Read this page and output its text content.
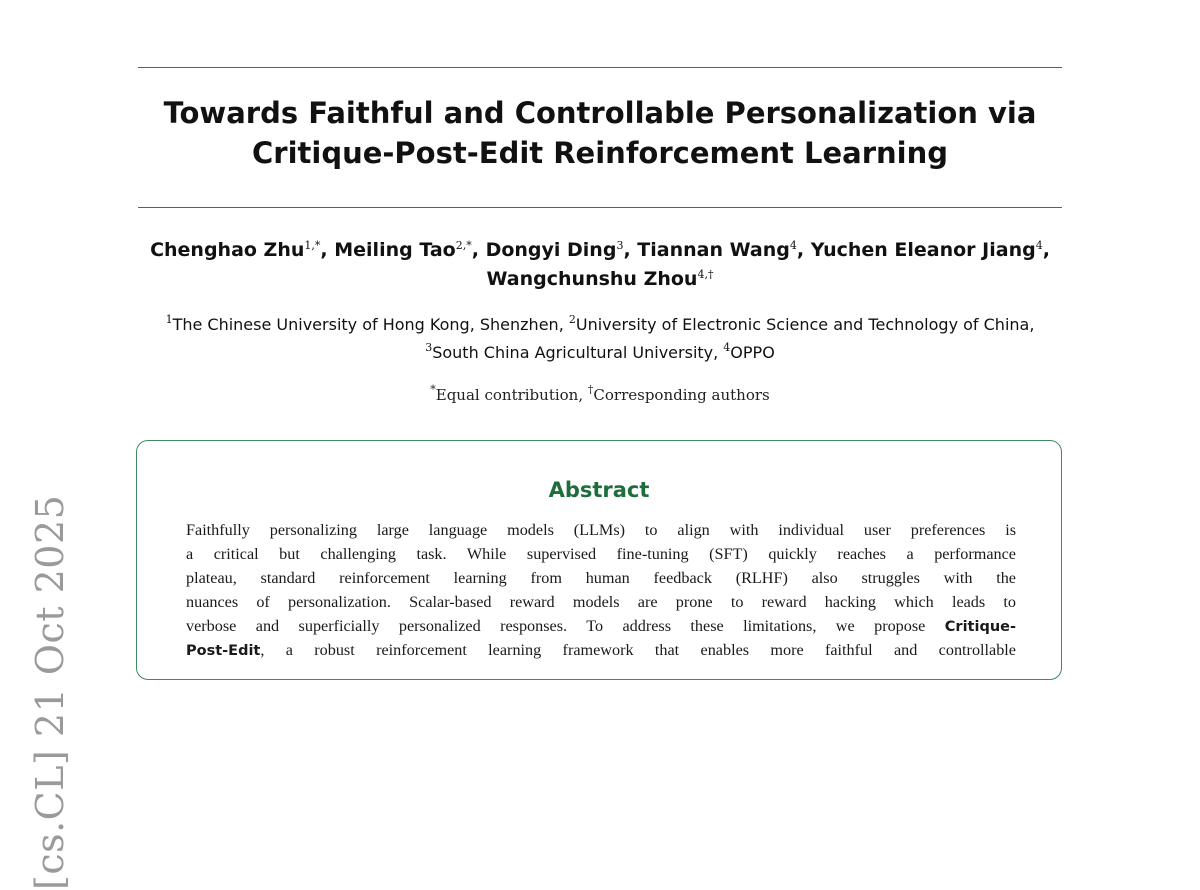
[cs.CL] 21 Oct 2025
Towards Faithful and Controllable Personalization via Critique-Post-Edit Reinforcement Learning
Chenghao Zhu$^{1,*}$, Meiling Tao$^{2,*}$, Dongyi Ding$^3$, Tiannan Wang$^4$, Yuchen Eleanor Jiang$^4$, Wangchunshu Zhou$^{4,\dagger}$
$^1$The Chinese University of Hong Kong, Shenzhen, $^2$University of Electronic Science and Technology of China, $^3$South China Agricultural University, $^4$OPPO
*Equal contribution, †Corresponding authors
Abstract
Faithfully personalizing large language models (LLMs) to align with individual user preferences is
a critical but challenging task. While supervised fine-tuning (SFT) quickly reaches a performance
plateau, standard reinforcement learning from human feedback (RLHF) also struggles with the
nuances of personalization. Scalar-based reward models are prone to reward hacking which leads to
verbose and superficially personalized responses. To address these limitations, we propose Critique-
Post-Edit, a robust reinforcement learning framework that enables more faithful and controllable
